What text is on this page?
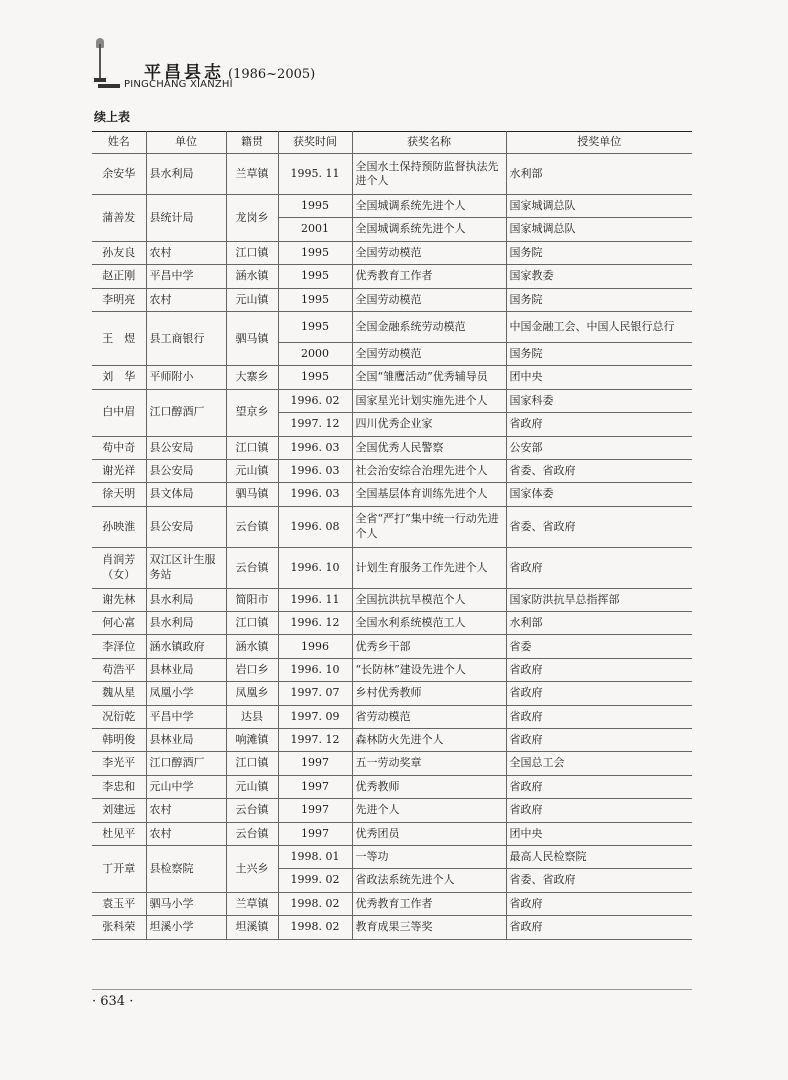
平昌县志 (1986~2005)
PINGCHANG XIANZHI
续上表
姓名	单位	籍贯	获奖时间	获奖名称	授奖单位
余安华	县水利局	兰草镇	1995. 11	全国水土保持预防监督执法先进个人	水利部
蒲善发	县统计局	龙岗乡	1995	全国城调系统先进个人	国家城调总队
			2001	全国城调系统先进个人	国家城调总队
孙友良	农村	江口镇	1995	全国劳动模范	国务院
赵正刚	平昌中学	涵水镇	1995	优秀教育工作者	国家教委
李明亮	农村	元山镇	1995	全国劳动模范	国务院
王　煜	县工商银行	驷马镇	1995	全国金融系统劳动模范	中国金融工会、中国人民银行总行
			2000	全国劳动模范	国务院
刘　华	平师附小	大寨乡	1995	全国“雏鹰活动”优秀辅导员	团中央
白中眉	江口醇酒厂	望京乡	1996. 02	国家星光计划实施先进个人	国家科委
			1997. 12	四川优秀企业家	省政府
苟中奇	县公安局	江口镇	1996. 03	全国优秀人民警察	公安部
谢光祥	县公安局	元山镇	1996. 03	社会治安综合治理先进个人	省委、省政府
徐天明	县文体局	驷马镇	1996. 03	全国基层体育训练先进个人	国家体委
孙映淮	县公安局	云台镇	1996. 08	全省“严打”集中统一行动先进个人	省委、省政府
肖润芳（女）	双江区计生服务站	云台镇	1996. 10	计划生育服务工作先进个人	省政府
谢先林	县水利局	简阳市	1996. 11	全国抗洪抗旱模范个人	国家防洪抗旱总指挥部
何心富	县水利局	江口镇	1996. 12	全国水利系统模范工人	水利部
李泽位	涵水镇政府	涵水镇	1996	优秀乡干部	省委
苟浩平	县林业局	岩口乡	1996. 10	“长防林”建设先进个人	省政府
魏从星	凤凰小学	凤凰乡	1997. 07	乡村优秀教师	省政府
况衍乾	平昌中学	达县	1997. 09	省劳动模范	省政府
韩明俊	县林业局	响滩镇	1997. 12	森林防火先进个人	省政府
李光平	江口醇酒厂	江口镇	1997	五一劳动奖章	全国总工会
李忠和	元山中学	元山镇	1997	优秀教师	省政府
刘建远	农村	云台镇	1997	先进个人	省政府
杜见平	农村	云台镇	1997	优秀团员	团中央
丁开章	县检察院	土兴乡	1998. 01	一等功	最高人民检察院
			1999. 02	省政法系统先进个人	省委、省政府
袁玉平	驷马小学	兰草镇	1998. 02	优秀教育工作者	省政府
张科荣	坦溪小学	坦溪镇	1998. 02	教育成果三等奖	省政府
· 634 ·
